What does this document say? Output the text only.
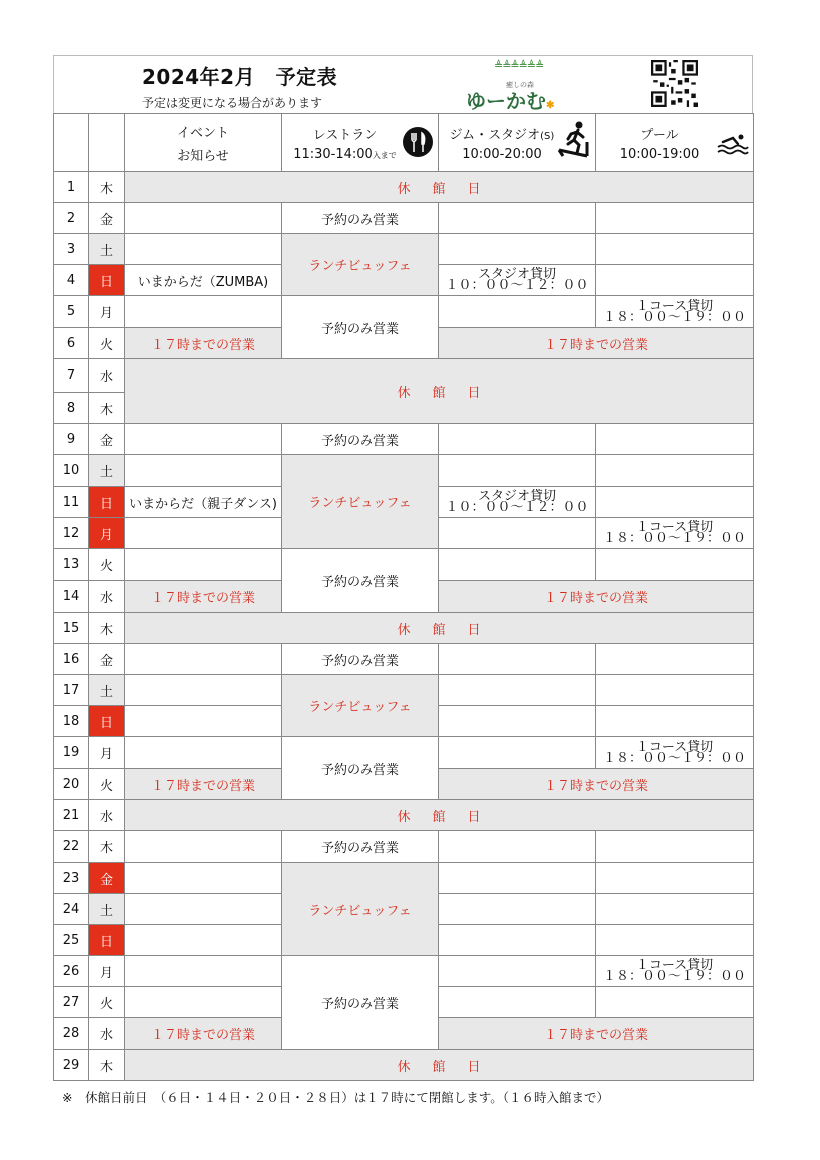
2024年2月　予定表
予定は変更になる場合があります
≜≜≜≜≜≜
癒しの森
ゆーかむ✱

		イベント
お知らせ	レストラン
11:30-14:00入まで	ジム・スタジオ(S)
10:00-20:00	プール
10:00-19:00

1	木	休館日			
2	金		予約のみ営業		
3	土		ランチビュッフェ		
4	日	いまからだ（ZUMBA)		スタジオ貸切
１０：００〜１２：００	

5	月		予約のみ営業		１コース貸切
１８：００〜１９：００

6	火	１７時までの営業		１７時までの営業	
7	水	休館日			
8	木				
9	金		予約のみ営業		
10	土		ランチビュッフェ		
11	日	いまからだ（親子ダンス)		スタジオ貸切
１０：００〜１２：００	

12	月				１コース貸切
１８：００〜１９：００

13	火		予約のみ営業		
14	水	１７時までの営業		１７時までの営業	
15	木	休館日			
16	金		予約のみ営業		
17	土		ランチビュッフェ		
18	日				
19	月		予約のみ営業		１コース貸切
１８：００〜１９：００

20	火	１７時までの営業		１７時までの営業	
21	水	休館日			
22	木		予約のみ営業		
23	金		ランチビュッフェ		
24	土				
25	日				
26	月		予約のみ営業		１コース貸切
１８：００〜１９：００

27	火				
28	水	１７時までの営業		１７時までの営業	
29	木	休館日			
※　休館日前日　（６日・１４日・２０日・２８日）は１７時にて閉館します。（１６時入館まで）
